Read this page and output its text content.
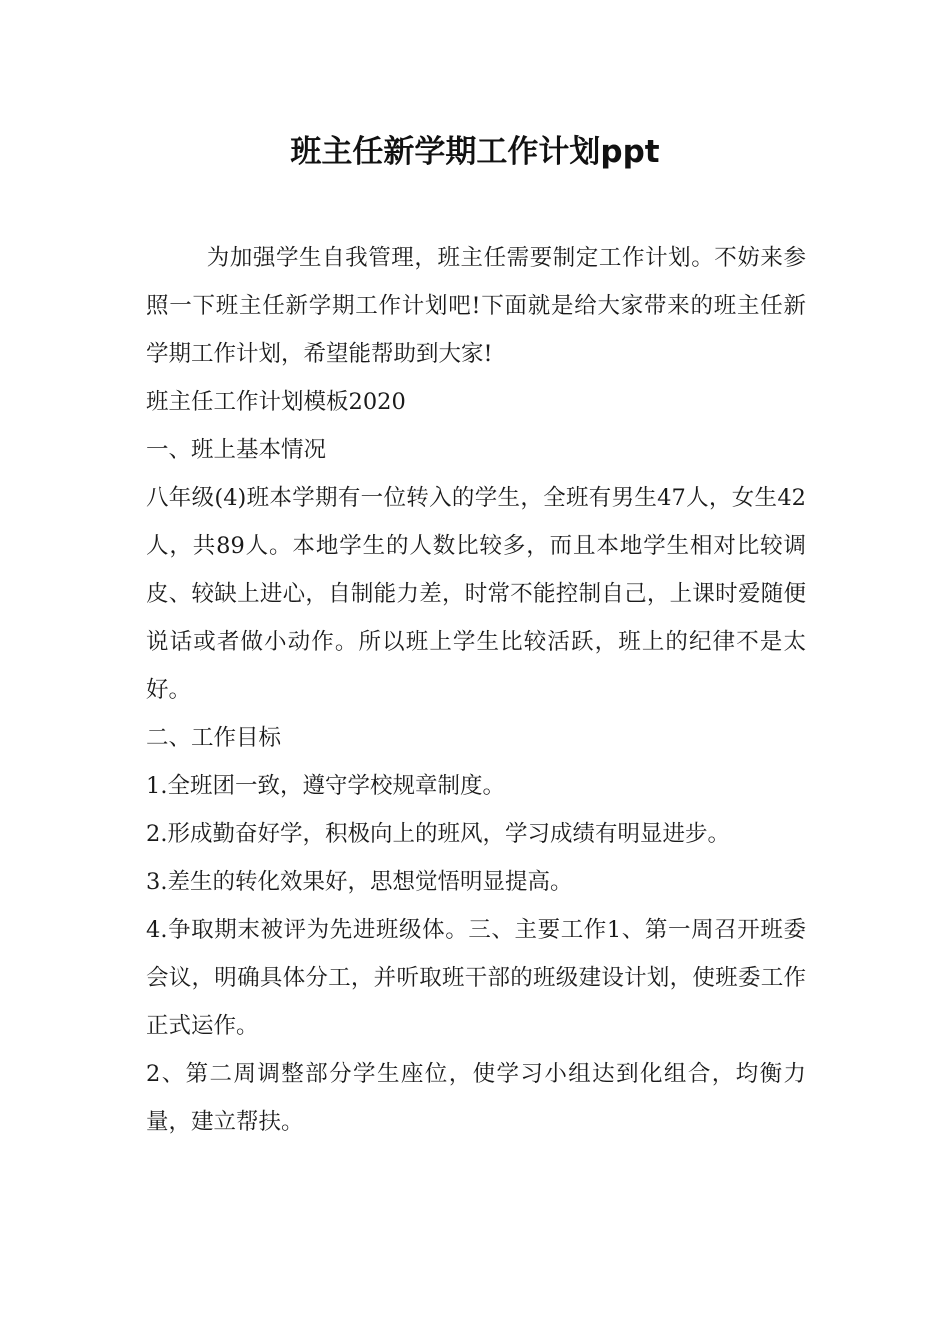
班主任新学期工作计划ppt

为加强学生自我管理，班主任需要制定工作计划。不妨来参照一下班主任新学期工作计划吧!下面就是给大家带来的班主任新学期工作计划，希望能帮助到大家!

班主任工作计划模板2020

一、班上基本情况

八年级(4)班本学期有一位转入的学生，全班有男生47人，女生42人，共89人。本地学生的人数比较多，而且本地学生相对比较调皮、较缺上进心，自制能力差，时常不能控制自己，上课时爱随便说话或者做小动作。所以班上学生比较活跃，班上的纪律不是太好。

二、工作目标

1.全班团一致，遵守学校规章制度。

2.形成勤奋好学，积极向上的班风，学习成绩有明显进步。

3.差生的转化效果好，思想觉悟明显提高。

4.争取期末被评为先进班级体。三、主要工作1、第一周召开班委会议，明确具体分工，并听取班干部的班级建设计划，使班委工作正式运作。

2、第二周调整部分学生座位，使学习小组达到化组合，均衡力量，建立帮扶。
